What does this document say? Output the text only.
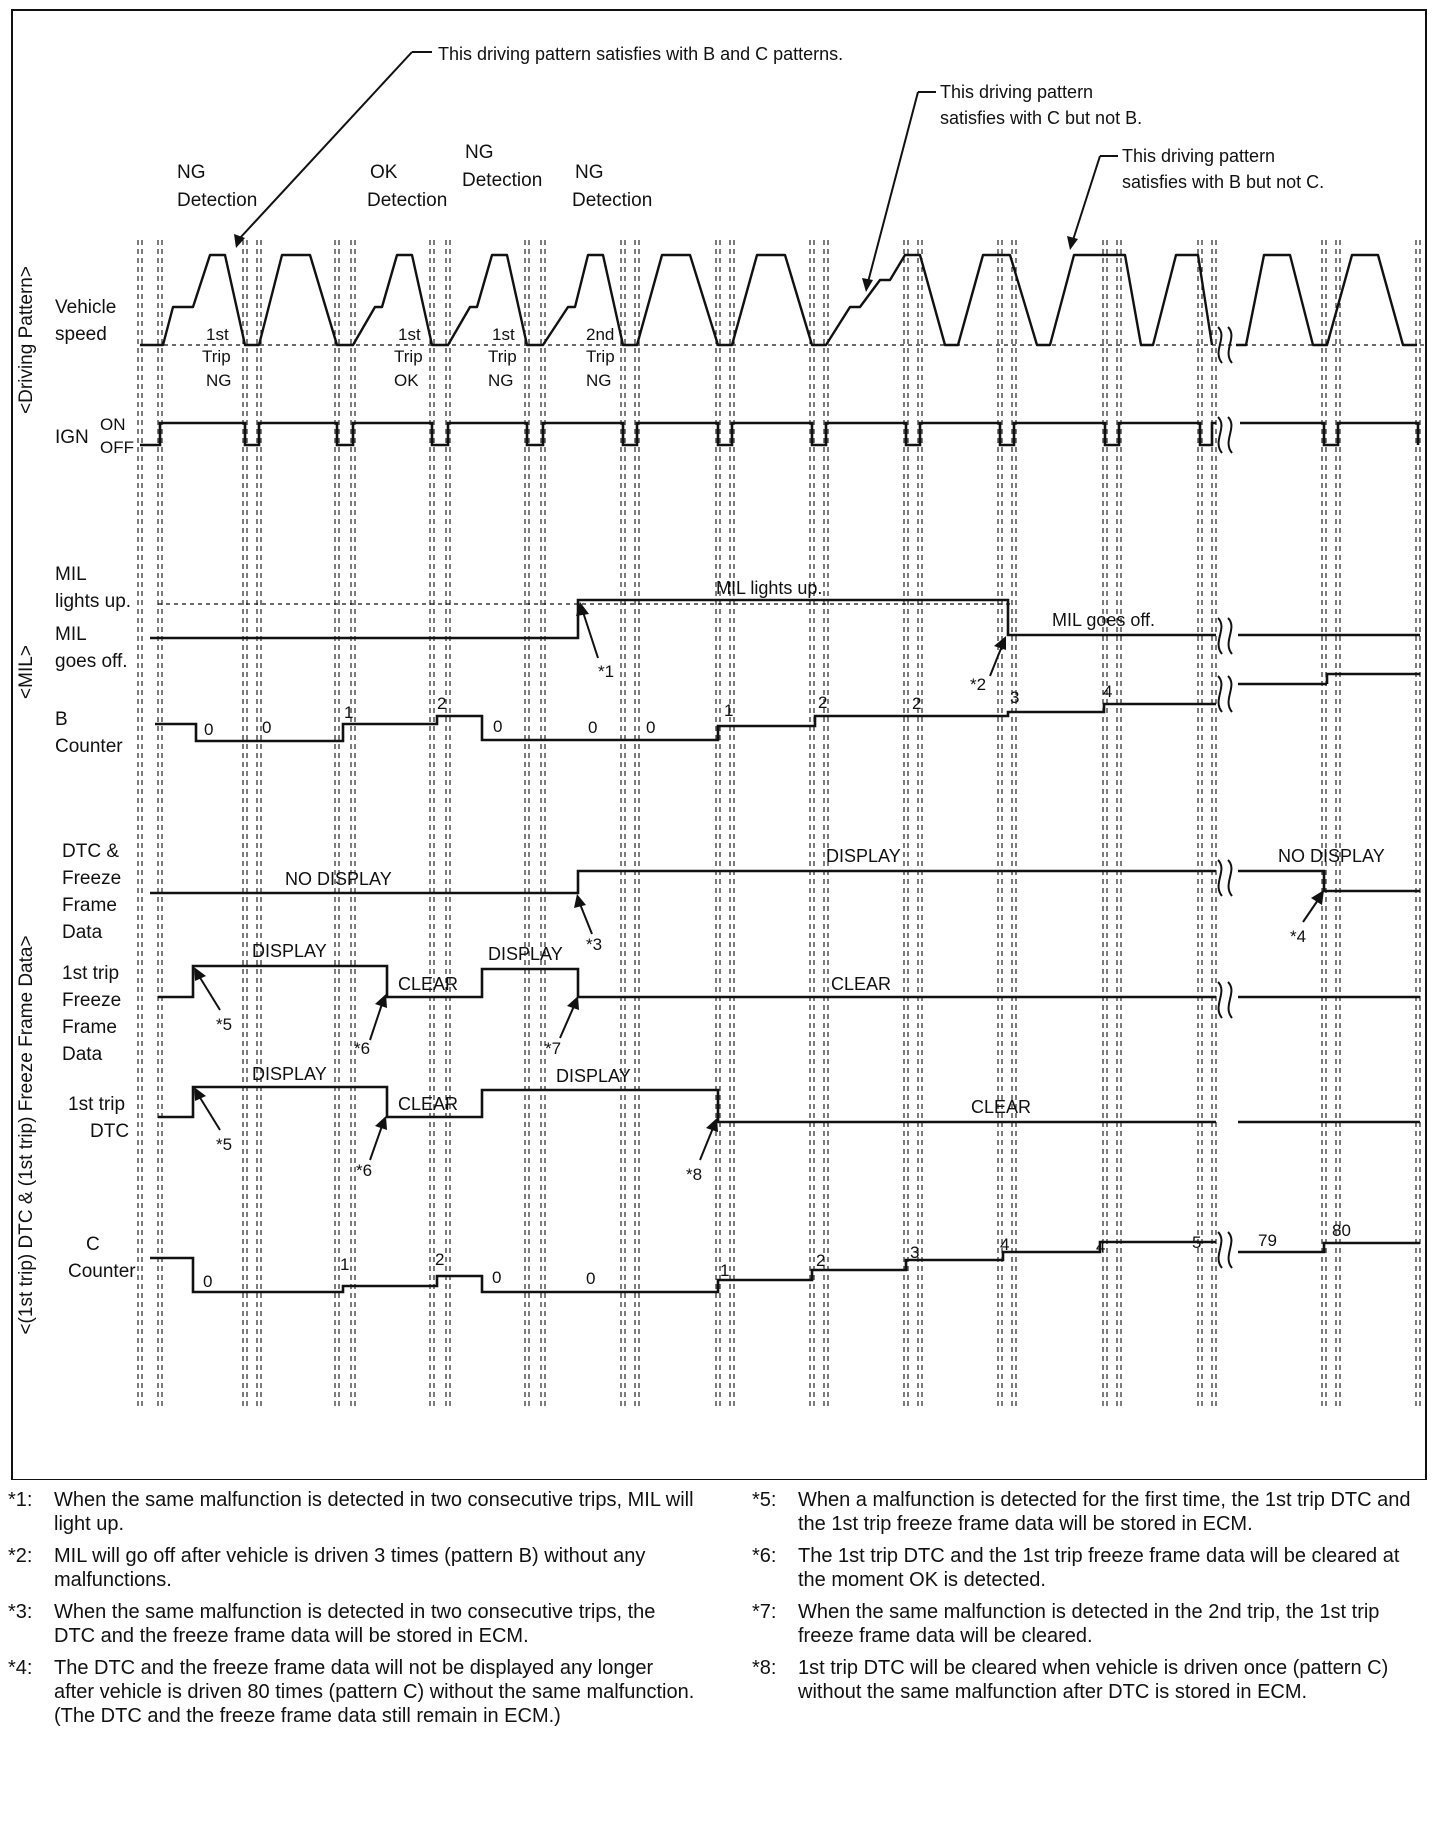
<Driving Pattern>
<MIL>
<(1st trip) DTC & (1st trip) Freeze Frame Data>
Vehicle speed
IGN
ON
OFF
MIL lights up.
MIL goes off.
B Counter
DTC & Freeze Frame Data
1st trip Freeze Frame Data
1st trip DTC
C Counter
This driving pattern satisfies with B and C patterns.
This driving pattern satisfies with C but not B.
This driving pattern satisfies with B but not C.
NG Detection
OK Detection
NG Detection NG Detection
1st Trip NG
1st Trip OK
1st Trip NG
2nd Trip NG
MIL lights up.
MIL goes off.
NO DISPLAY
DISPLAY	NO DISPLAY
DISPLAY
CLEAR
DISPLAY
CLEAR
DISPLAY
CLEAR
DISPLAY
CLEAR
0	0
1	2
0	0	0
1	2	2	3	4
0
1	2
0	0	1
2	3	4	4	5	79
80
*1
*2
*3	*4
*5
*6	*7
*8
*5
*6
*1:	When the same malfunction is detected in two consecutive trips, MIL will light up.
*2:	MIL will go off after vehicle is driven 3 times (pattern B) without any malfunctions.
*3:	When the same malfunction is detected in two consecutive trips, the DTC and the freeze frame data will be stored in ECM.
*4:	The DTC and the freeze frame data will not be displayed any longer after vehicle is driven 80 times (pattern C) without the same malfunction. (The DTC and the freeze frame data still remain in ECM.)
*5:	When a malfunction is detected for the first time, the 1st trip DTC and the 1st trip freeze frame data will be stored in ECM.
*6:	The 1st trip DTC and the 1st trip freeze frame data will be cleared at the moment OK is detected.
*7:	When the same malfunction is detected in the 2nd trip, the 1st trip freeze frame data will be cleared.
*8:	1st trip DTC will be cleared when vehicle is driven once (pattern C) without the same malfunction after DTC is stored in ECM.
